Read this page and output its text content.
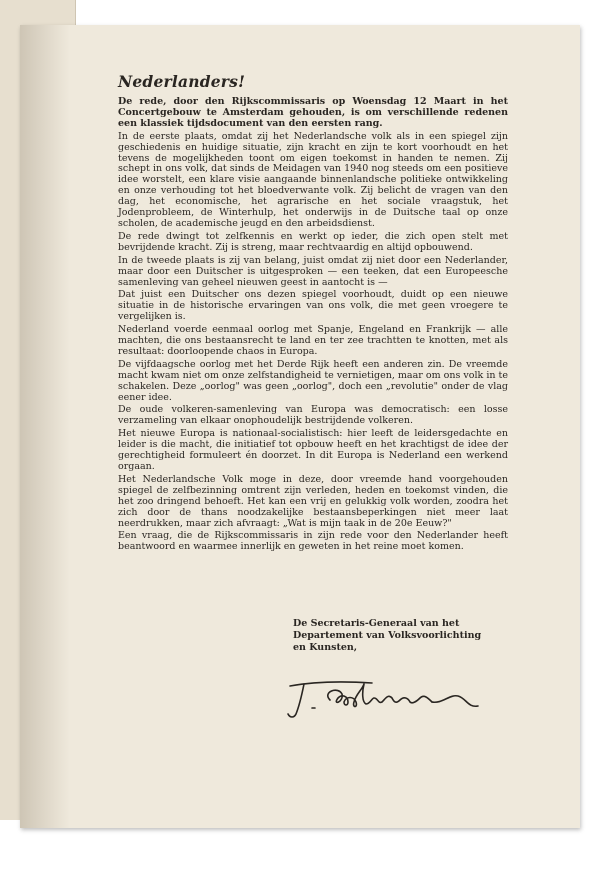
Nederlanders!

De rede, door den Rijkscommissaris op Woensdag 12 Maart in het Concertgebouw te Amsterdam gehouden, is om verschillende redenen een klassiek tijdsdocument van den eersten rang.

In de eerste plaats, omdat zij het Nederlandsche volk als in een spiegel zijn geschiedenis en huidige situatie, zijn kracht en zijn te kort voorhoudt en het tevens de mogelijkheden toont om eigen toekomst in handen te nemen. Zij schept in ons volk, dat sinds de Meidagen van 1940 nog steeds om een positieve idee worstelt, een klare visie aangaande binnenlandsche politieke ontwikkeling en onze verhouding tot het bloedverwante volk. Zij belicht de vragen van den dag, het economische, het agrarische en het sociale vraagstuk, het Jodenprobleem, de Winterhulp, het onderwijs in de Duitsche taal op onze scholen, de academische jeugd en den arbeidsdienst.

De rede dwingt tot zelfkennis en werkt op ieder, die zich open stelt met bevrijdende kracht. Zij is streng, maar rechtvaardig en altijd opbouwend.

In de tweede plaats is zij van belang, juist omdat zij niet door een Nederlander, maar door een Duitscher is uitgesproken — een teeken, dat een Europeesche samenleving van geheel nieuwen geest in aantocht is —

Dat juist een Duitscher ons dezen spiegel voorhoudt, duidt op een nieuwe situatie in de historische ervaringen van ons volk, die met geen vroegere te vergelijken is.

Nederland voerde eenmaal oorlog met Spanje, Engeland en Frankrijk — alle machten, die ons bestaansrecht te land en ter zee trachtten te knotten, met als resultaat: doorloopende chaos in Europa.

De vijfdaagsche oorlog met het Derde Rijk heeft een anderen zin. De vreemde macht kwam niet om onze zelfstandigheid te vernietigen, maar om ons volk in te schakelen. Deze „oorlog" was geen „oorlog", doch een „revolutie" onder de vlag eener idee.

De oude volkeren-samenleving van Europa was democratisch: een losse verzameling van elkaar onophoudelijk bestrijdende volkeren.

Het nieuwe Europa is nationaal-socialistisch: hier leeft de leidersgedachte en leider is die macht, die initiatief tot opbouw heeft en het krachtigst de idee der gerechtigheid formuleert én doorzet. In dit Europa is Nederland een werkend orgaan.

Het Nederlandsche Volk moge in deze, door vreemde hand voorgehouden spiegel de zelfbezinning omtrent zijn verleden, heden en toekomst vinden, die het zoo dringend behoeft. Het kan een vrij en gelukkig volk worden, zoodra het zich door de thans noodzakelijke bestaansbeperkingen niet meer laat neerdrukken, maar zich afvraagt: „Wat is mijn taak in de 20e Eeuw?"

Een vraag, die de Rijkscommissaris in zijn rede voor den Nederlander heeft beantwoord en waarmee innerlijk en geweten in het reine moet komen.

De Secretaris-Generaal van het
Departement van Volksvoorlichting
en Kunsten,
